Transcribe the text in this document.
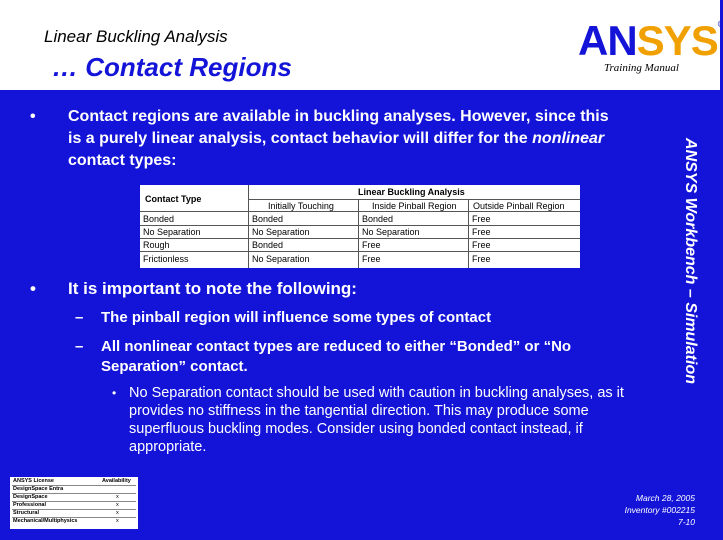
Linear Buckling Analysis
… Contact Regions
ANSYS®
Training Manual
ANSYS Workbench – Simulation
• Contact regions are available in buckling analyses. However, since this is a purely linear analysis, contact behavior will differ for the nonlinear contact types:
Contact Type
Linear Buckling Analysis
Initially Touching	Inside Pinball Region Outside Pinball Region
Bonded	Bonded	Bonded	Free
No Separation	No Separation	No Separation	Free
Rough	Bonded	Free	Free
Frictionless	No Separation	Free	Free
• It is important to note the following:
– The pinball region will influence some types of contact
– All nonlinear contact types are reduced to either “Bonded” or “No Separation” contact.
• No Separation contact should be used with caution in buckling analyses, as it provides no stiffness in the tangential direction. This may produce some superfluous buckling modes. Consider using bonded contact instead, if appropriate.
ANSYS License	Availability
DesignSpace Entra
DesignSpace	x
Professional	x
Structural	x
Mechanical/Multiphysics	x
March 28, 2005
Inventory #002215
7-10
